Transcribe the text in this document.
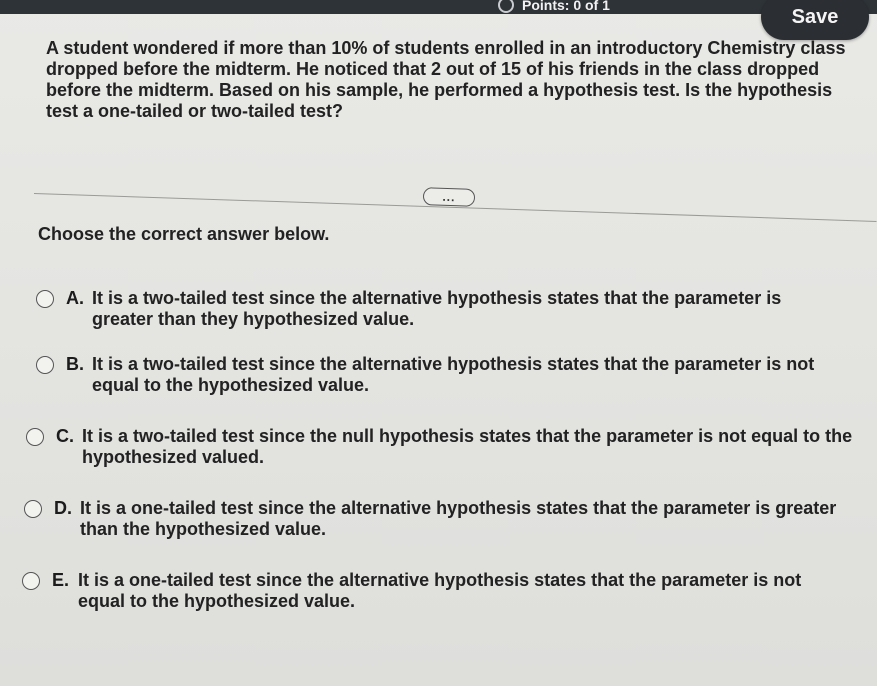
Points: 0 of 1
Save
A student wondered if more than 10% of students enrolled in an introductory Chemistry class dropped before the midterm. He noticed that 2 out of 15 of his friends in the class dropped before the midterm. Based on his sample, he performed a hypothesis test. Is the hypothesis test a one-tailed or two-tailed test?
...
Choose the correct answer below.
A. It is a two-tailed test since the alternative hypothesis states that the parameter is greater than they hypothesized value.
B. It is a two-tailed test since the alternative hypothesis states that the parameter is not equal to the hypothesized value.
C. It is a two-tailed test since the null hypothesis states that the parameter is not equal to the hypothesized valued.
D. It is a one-tailed test since the alternative hypothesis states that the parameter is greater than the hypothesized value.
E. It is a one-tailed test since the alternative hypothesis states that the parameter is not equal to the hypothesized value.
